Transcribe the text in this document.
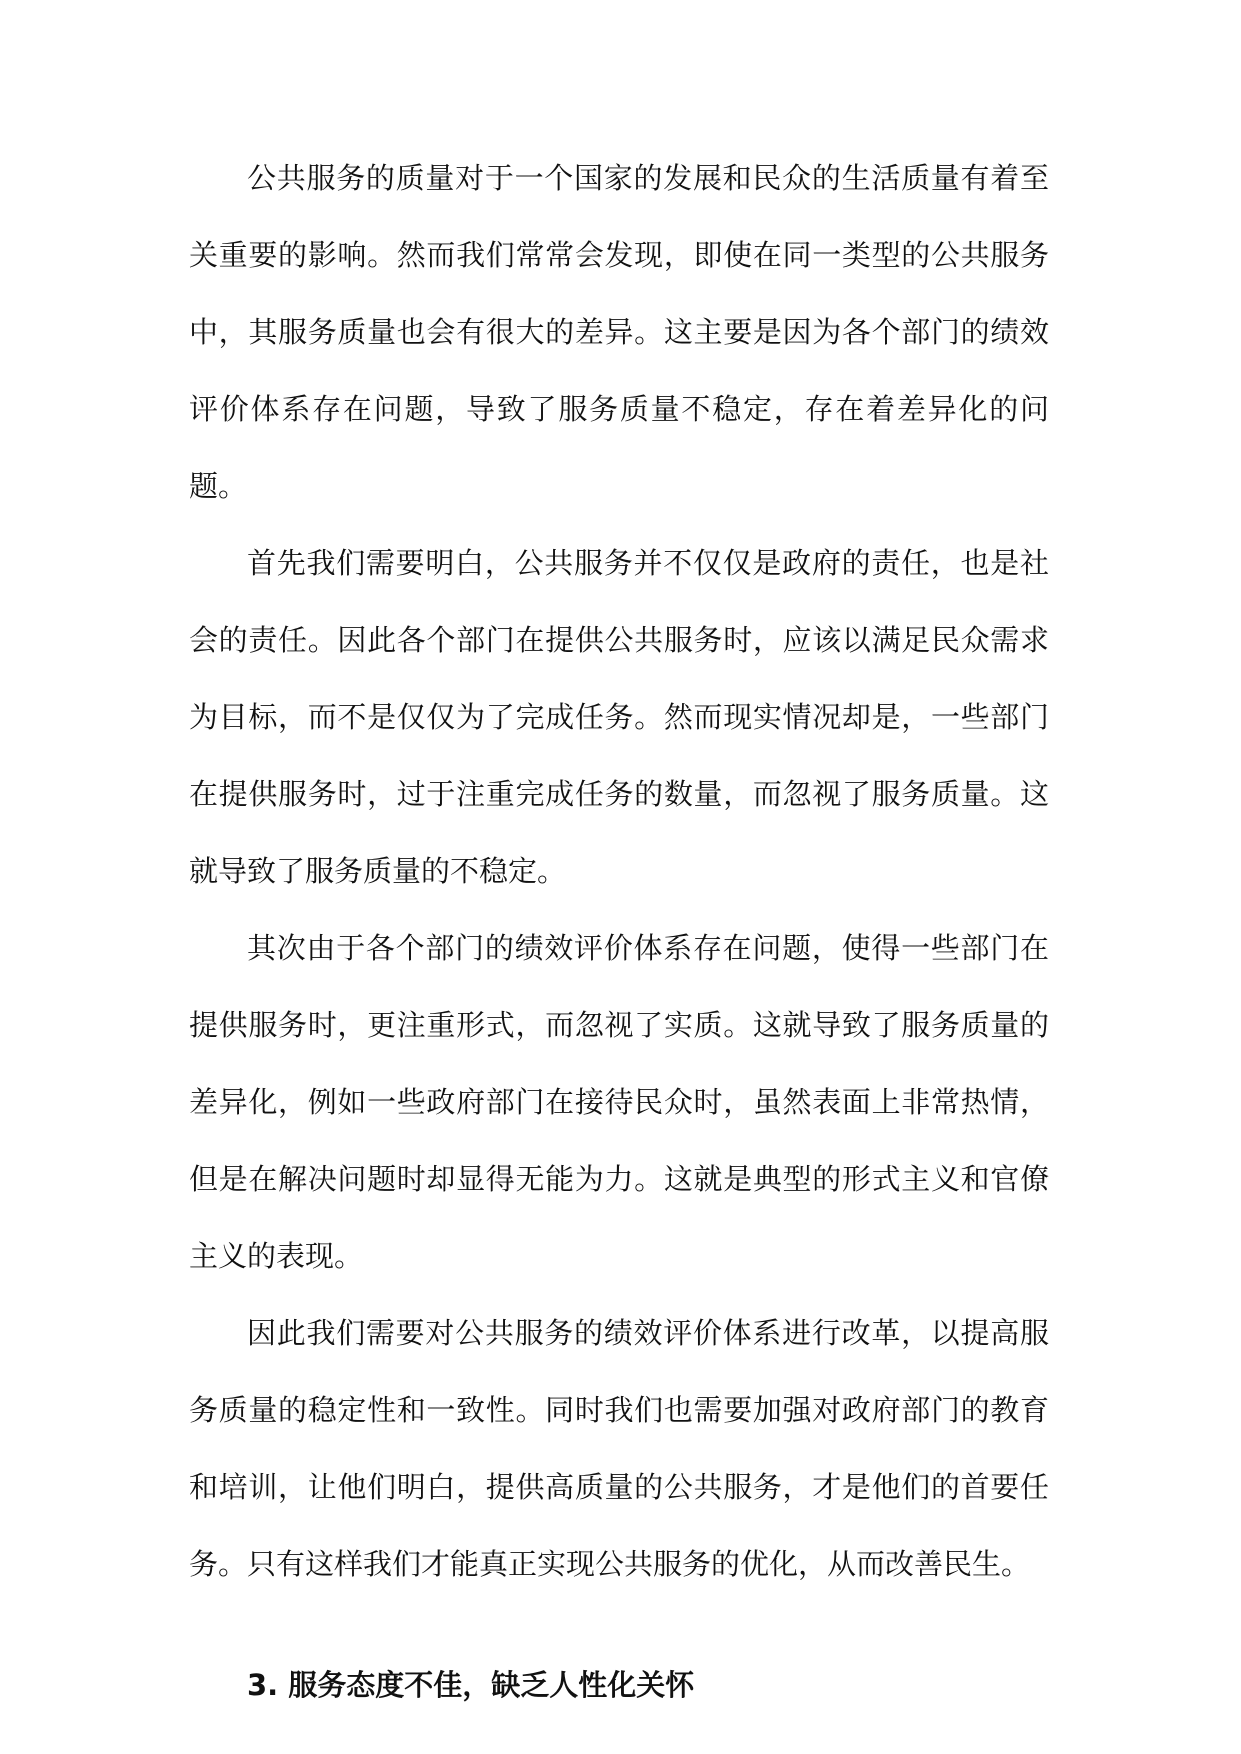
公共服务的质量对于一个国家的发展和民众的生活质量有着至关重要的影响。然而我们常常会发现，即使在同一类型的公共服务中，其服务质量也会有很大的差异。这主要是因为各个部门的绩效评价体系存在问题，导致了服务质量不稳定，存在着差异化的问题。

首先我们需要明白，公共服务并不仅仅是政府的责任，也是社会的责任。因此各个部门在提供公共服务时，应该以满足民众需求为目标，而不是仅仅为了完成任务。然而现实情况却是，一些部门在提供服务时，过于注重完成任务的数量，而忽视了服务质量。这就导致了服务质量的不稳定。

其次由于各个部门的绩效评价体系存在问题，使得一些部门在提供服务时，更注重形式，而忽视了实质。这就导致了服务质量的差异化，例如一些政府部门在接待民众时，虽然表面上非常热情，但是在解决问题时却显得无能为力。这就是典型的形式主义和官僚主义的表现。

因此我们需要对公共服务的绩效评价体系进行改革，以提高服务质量的稳定性和一致性。同时我们也需要加强对政府部门的教育和培训，让他们明白，提供高质量的公共服务，才是他们的首要任务。只有这样我们才能真正实现公共服务的优化，从而改善民生。

3. 服务态度不佳，缺乏人性化关怀
